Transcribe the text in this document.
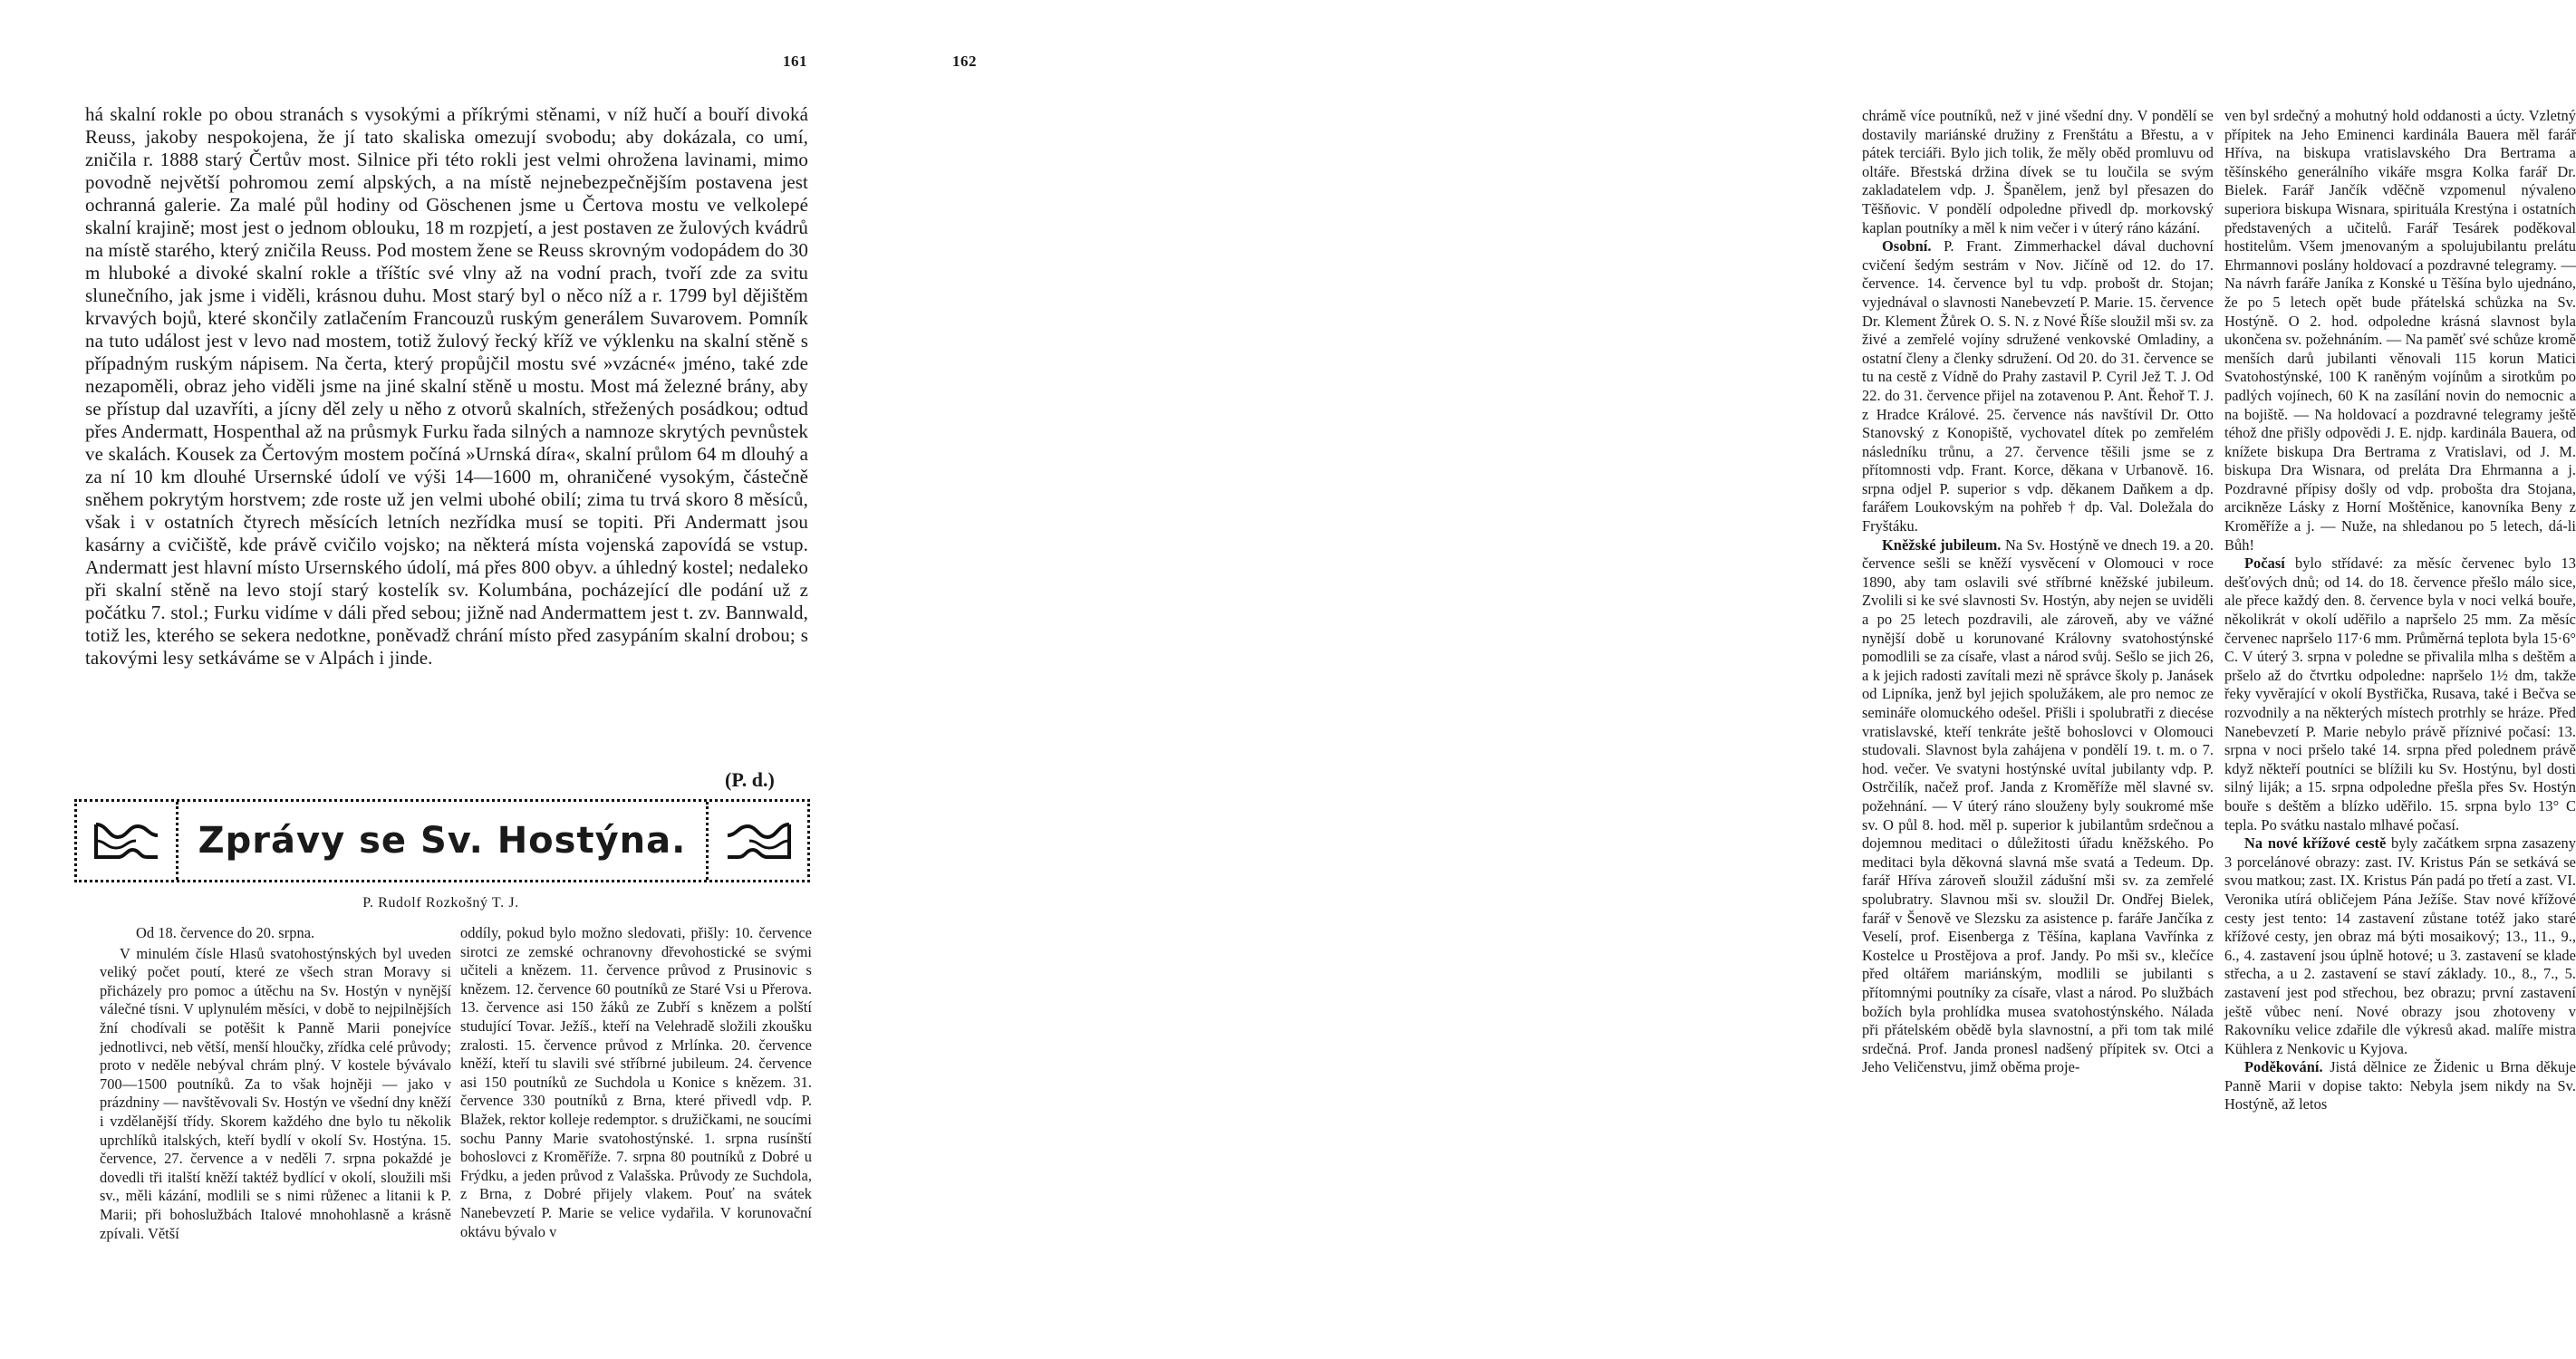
161

há skalní rokle po obou stranách s vysokými a příkrými stěnami, v níž hučí a bouří divoká Reuss, jakoby nespokojena, že jí tato skaliska omezují svobodu; aby dokázala, co umí, zničila r. 1888 starý Čertův most. Silnice při této rokli jest velmi ohrožena lavinami, mimo povodně největší pohromou zemí alpských, a na místě nejnebezpečnějším postavena jest ochranná galerie. Za malé půl hodiny od Göschenen jsme u Čertova mostu ve velkolepé skalní krajině; most jest o jednom oblouku, 18 m rozpjetí, a jest postaven ze žulových kvádrů na místě starého, který zničila Reuss. Pod mostem žene se Reuss skrovným vodopádem do 30 m hluboké a divoké skalní rokle a tříštíc své vlny až na vodní prach, tvoří zde za svitu slunečního, jak jsme i viděli, krásnou duhu. Most starý byl o něco níž a r. 1799 byl dějištěm krvavých bojů, které skončily zatlačením Francouzů ruským generálem Suvarovem. Pomník na tuto událost jest v levo nad mostem, totiž žulový řecký kříž ve výklenku na skalní stěně s případným ruským nápisem. Na čerta, který propůjčil mostu své »vzácné« jméno, také zde nezapoměli, obraz jeho viděli jsme na jiné skalní stěně u mostu. Most má železné brány, aby se přístup dal uzavříti, a jícny děl zely u něho z otvorů skalních, střežených posádkou; odtud přes Andermatt, Hospenthal až na průsmyk Furku řada silných a namnoze skrytých pevnůstek ve skalách. Kousek za Čertovým mostem počíná »Urnská díra«, skalní průlom 64 m dlouhý a za ní 10 km dlouhé Ursernské údolí ve výši 14—1600 m, ohraničené vysokým, částečně sněhem pokrytým horstvem; zde roste už jen velmi ubohé obilí; zima tu trvá skoro 8 měsíců, však i v ostatních čtyrech měsících letních nezřídka musí se topiti. Při Andermatt jsou kasárny a cvičiště, kde právě cvičilo vojsko; na některá místa vojenská zapovídá se vstup. Andermatt jest hlavní místo Ursernského údolí, má přes 800 obyv. a úhledný kostel; nedaleko při skalní stěně na levo stojí starý kostelík sv. Kolumbána, pocházející dle podání už z počátku 7. stol.; Furku vidíme v dáli před sebou; jižně nad Andermattem jest t. zv. Bannwald, totiž les, kterého se sekera nedotkne, poněvadž chrání místo před zasypáním skalní drobou; s takovými lesy setkáváme se v Alpách i jinde.

(P. d.)
Zprávy se Sv. Hostýna.
P. Rudolf Rozkošný T. J.

Od 18. července do 20. srpna.

V minulém čísle Hlasů svatohostýnských byl uveden veliký počet poutí, které ze všech stran Moravy si přicházely pro pomoc a útěchu na Sv. Hostýn v nynější válečné tísni. V uplynulém měsíci, v době to nejpilnějších žní chodívali se potěšit k Panně Marii ponejvíce jednotlivci, neb větší, menší hloučky, zřídka celé průvody; proto v neděle nebýval chrám plný. V kostele bývávalo 700—1500 poutníků. Za to však hojněji — jako v prázdniny — navštěvovali Sv. Hostýn ve všední dny kněží i vzdělanější třídy. Skorem každého dne bylo tu několik uprchlíků italských, kteří bydlí v okolí Sv. Hostýna. 15. července, 27. července a v neděli 7. srpna pokaždé je dovedli tři italští kněží taktéž bydlící v okolí, sloužili mši sv., měli kázání, modlili se s nimi růženec a litanii k P. Marii; při bohoslužbách Italové mnohohlasně a krásně zpívali. Větší

oddíly, pokud bylo možno sledovati, přišly: 10. července sirotci ze zemské ochranovny dřevohostické se svými učiteli a knězem. 11. července průvod z Prusinovic s knězem. 12. července 60 poutníků ze Staré Vsi u Přerova. 13. července asi 150 žáků ze Zubří s knězem a polští studující Tovar. Ježíš., kteří na Velehradě složili zkoušku zralosti. 15. července průvod z Mrlínka. 20. července kněží, kteří tu slavili své stříbrné jubileum. 24. července asi 150 poutníků ze Suchdola u Konice s knězem. 31. července 330 poutníků z Brna, které přivedl vdp. P. Blažek, rektor kolleje redemptor. s družičkami, ne soucími sochu Panny Marie svatohostýnské. 1. srpna rusínští bohoslovci z Kroměříže. 7. srpna 80 poutníků z Dobré u Frýdku, a jeden průvod z Valašska. Průvody ze Suchdola, z Brna, z Dobré přijely vlakem. Pouť na svátek Nanebevzetí P. Marie se velice vydařila. V korunovační oktávu bývalo v

162

chrámě více poutníků, než v jiné všední dny. V pondělí se dostavily mariánské družiny z Frenštátu a Břestu, a v pátek terciáři. Bylo jich tolik, že měly oběd promluvu od oltáře. Břestská držina dívek se tu loučila se svým zakladatelem vdp. J. Španělem, jenž byl přesazen do Těšňovic. V pondělí odpoledne přivedl dp. morkovský kaplan poutníky a měl k nim večer i v úterý ráno kázání.

Osobní. P. Frant. Zimmerhackel dával duchovní cvičení šedým sestrám v Nov. Jičíně od 12. do 17. července. 14. července byl tu vdp. probošt dr. Stojan; vyjednával o slavnosti Nanebevzetí P. Marie. 15. července Dr. Klement Žůrek O. S. N. z Nové Říše sloužil mši sv. za živé a zemřelé vojíny sdružené venkovské Omladiny, a ostatní členy a členky sdružení. Od 20. do 31. července se tu na cestě z Vídně do Prahy zastavil P. Cyril Jež T. J. Od 22. do 31. července přijel na zotavenou P. Ant. Řehoř T. J. z Hradce Králové. 25. července nás navštívil Dr. Otto Stanovský z Konopiště, vychovatel dítek po zemřelém následníku trůnu, a 27. července těšili jsme se z přítomnosti vdp. Frant. Korce, děkana v Urbanově. 16. srpna odjel P. superior s vdp. děkanem Daňkem a dp. farářem Loukovským na pohřeb † dp. Val. Doležala do Fryštáku.

Kněžské jubileum. Na Sv. Hostýně ve dnech 19. a 20. července sešli se kněží vysvěcení v Olomouci v roce 1890, aby tam oslavili své stříbrné kněžské jubileum. Zvolili si ke své slavnosti Sv. Hostýn, aby nejen se uviděli a po 25 letech pozdravili, ale zároveň, aby ve vážné nynější době u korunované Královny svatohostýnské pomodlili se za císaře, vlast a národ svůj. Sešlo se jich 26, a k jejich radosti zavítali mezi ně správce školy p. Janásek od Lipníka, jenž byl jejich spolužákem, ale pro nemoc ze semináře olomuckého odešel. Přišli i spolubratři z diecése vratislavské, kteří tenkráte ještě bohoslovci v Olomouci studovali. Slavnost byla zahájena v pondělí 19. t. m. o 7. hod. večer. Ve svatyni hostýnské uvítal jubilanty vdp. P. Ostrčilík, načež prof. Janda z Kroměříže měl slavné sv. požehnání. — V úterý ráno slouženy byly soukromé mše sv. O půl 8. hod. měl p. superior k jubilantům srdečnou a dojemnou meditaci o důležitosti úřadu kněžského. Po meditaci byla děkovná slavná mše svatá a Tedeum. Dp. farář Hříva zároveň sloužil zádušní mši sv. za zemřelé spolubratry. Slavnou mši sv. sloužil Dr. Ondřej Bielek, farář v Šenově ve Slezsku za asistence p. faráře Jančíka z Veselí, prof. Eisenberga z Těšína, kaplana Vavřínka z Kostelce u Prostějova a prof. Jandy. Po mši sv., klečíce před oltářem mariánským, modlili se jubilanti s přítomnými poutníky za císaře, vlast a národ. Po službách božích byla prohlídka musea svatohostýnského. Nálada při přátelském obědě byla slavnostní, a při tom tak milé srdečná. Prof. Janda pronesl nadšený přípitek sv. Otci a Jeho Veličenstvu, jimž oběma proje-

ven byl srdečný a mohutný hold oddanosti a úcty. Vzletný přípitek na Jeho Eminenci kardinála Bauera měl farář Hříva, na biskupa vratislavského Dra Bertrama a těšínského generálního vikáře msgra Kolka farář Dr. Bielek. Farář Jančík vděčně vzpomenul nývaleno superiora biskupa Wisnara, spirituála Krestýna i ostatních představených a učitelů. Farář Tesárek poděkoval hostitelům. Všem jmenovaným a spolujubilantu prelátu Ehrmannovi poslány holdovací a pozdravné telegramy. — Na návrh faráře Janíka z Konské u Těšína bylo ujednáno, že po 5 letech opět bude přátelská schůzka na Sv. Hostýně. O 2. hod. odpoledne krásná slavnost byla ukončena sv. požehnáním. — Na paměť své schůze kromě menších darů jubilanti věnovali 115 korun Matici Svatohostýnské, 100 K raněným vojínům a sirotkům po padlých vojínech, 60 K na zasílání novin do nemocnic a na bojiště. — Na holdovací a pozdravné telegramy ještě téhož dne přišly odpovědi J. E. njdp. kardinála Bauera, od knížete biskupa Dra Bertrama z Vratislavi, od J. M. biskupa Dra Wisnara, od preláta Dra Ehrmanna a j. Pozdravné přípisy došly od vdp. probošta dra Stojana, arcikněze Lásky z Horní Moštěnice, kanovníka Beny z Kroměříže a j. — Nuže, na shledanou po 5 letech, dá-li Bůh!

Počasí bylo střídavé: za měsíc červenec bylo 13 dešťových dnů; od 14. do 18. července přešlo málo sice, ale přece každý den. 8. července byla v noci velká bouře, několikrát v okolí uděřilo a napršelo 25 mm. Za měsíc červenec napršelo 117·6 mm. Průměrná teplota byla 15·6° C. V úterý 3. srpna v poledne se přivalila mlha s deštěm a pršelo až do čtvrtku odpoledne: napršelo 1½ dm, takže řeky vyvěrající v okolí Bystřička, Rusava, také i Bečva se rozvodnily a na některých místech protrhly se hráze. Před Nanebevzetí P. Marie nebylo právě příznivé počasí: 13. srpna v noci pršelo také 14. srpna před polednem právě když někteří poutníci se blížili ku Sv. Hostýnu, byl dosti silný liják; a 15. srpna odpoledne přešla přes Sv. Hostýn bouře s deštěm a blízko uděřilo. 15. srpna bylo 13° C tepla. Po svátku nastalo mlhavé počasí.

Na nové křížové cestě byly začátkem srpna zasazeny 3 porcelánové obrazy: zast. IV. Kristus Pán se setkává se svou matkou; zast. IX. Kristus Pán padá po třetí a zast. VI. Veronika utírá obličejem Pána Ježíše. Stav nové křížové cesty jest tento: 14 zastavení zůstane totéž jako staré křížové cesty, jen obraz má býti mosaikový; 13., 11., 9., 6., 4. zastavení jsou úplně hotové; u 3. zastavení se klade střecha, a u 2. zastavení se staví základy. 10., 8., 7., 5. zastavení jest pod střechou, bez obrazu; první zastavení ještě vůbec není. Nové obrazy jsou zhotoveny v Rakovníku velice zdařile dle výkresů akad. malíře mistra Kühlera z Nenkovic u Kyjova.

Poděkování. Jistá dělnice ze Židenic u Brna děkuje Panně Marii v dopise takto: Nebyla jsem nikdy na Sv. Hostýně, až letos
